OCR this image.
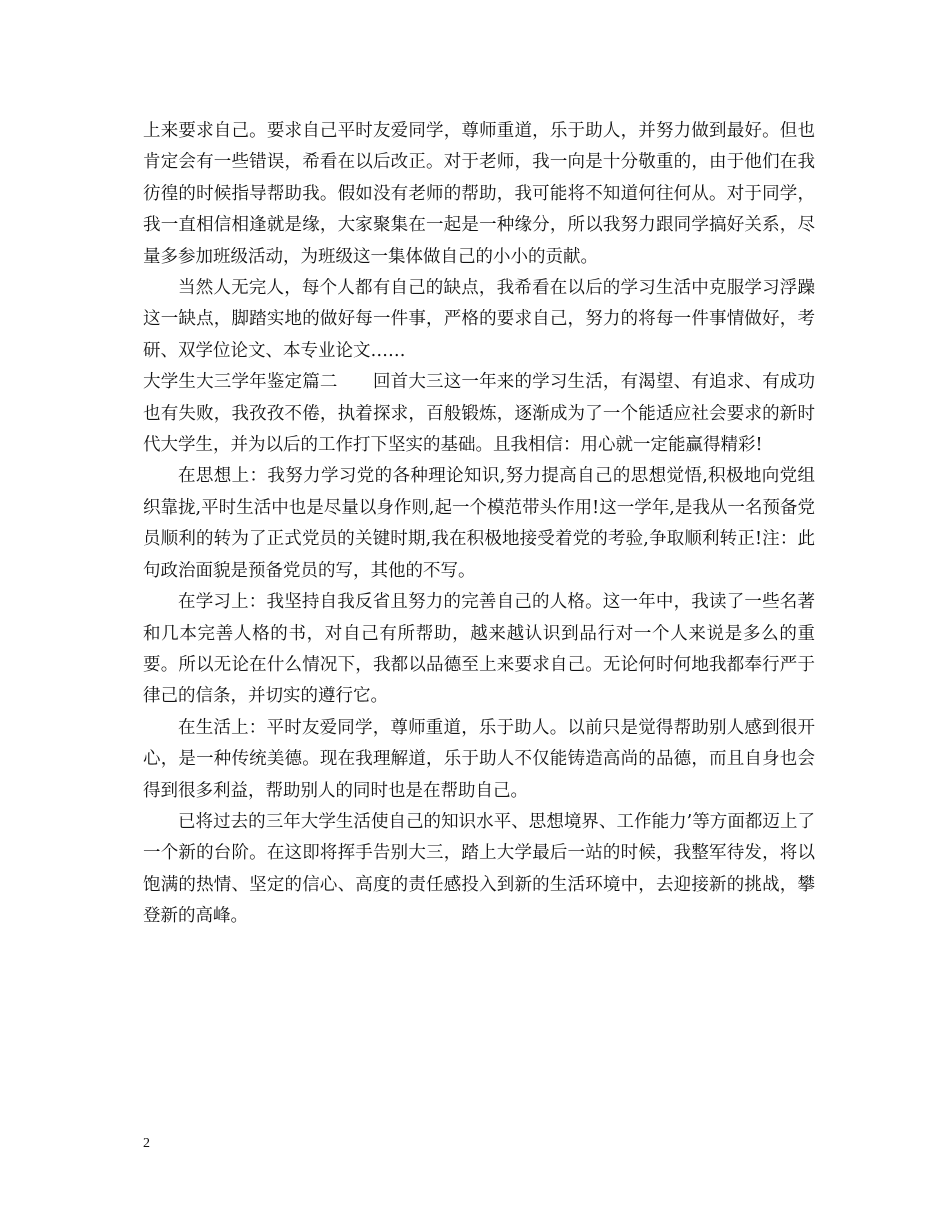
上来要求自己。要求自己平时友爱同学，尊师重道，乐于助人，并努力做到最好。但也肯定会有一些错误，希看在以后改正。对于老师，我一向是十分敬重的，由于他们在我彷徨的时候指导帮助我。假如没有老师的帮助，我可能将不知道何往何从。对于同学，我一直相信相逢就是缘，大家聚集在一起是一种缘分，所以我努力跟同学搞好关系，尽量多参加班级活动，为班级这一集体做自己的小小的贡献。

当然人无完人，每个人都有自己的缺点，我希看在以后的学习生活中克服学习浮躁这一缺点，脚踏实地的做好每一件事，严格的要求自己，努力的将每一件事情做好，考研、双学位论文、本专业论文……

大学生大三学年鉴定篇二　　回首大三这一年来的学习生活，有渴望、有追求、有成功也有失败，我孜孜不倦，执着探求，百般锻炼，逐渐成为了一个能适应社会要求的新时代大学生，并为以后的工作打下坚实的基础。且我相信：用心就一定能赢得精彩!

在思想上：我努力学习党的各种理论知识,努力提高自己的思想觉悟,积极地向党组织靠拢,平时生活中也是尽量以身作则,起一个模范带头作用!这一学年,是我从一名预备党员顺利的转为了正式党员的关键时期,我在积极地接受着党的考验,争取顺利转正!注：此句政治面貌是预备党员的写，其他的不写。

在学习上：我坚持自我反省且努力的完善自己的人格。这一年中，我读了一些名著和几本完善人格的书，对自己有所帮助，越来越认识到品行对一个人来说是多么的重要。所以无论在什么情况下，我都以品德至上来要求自己。无论何时何地我都奉行严于律己的信条，并切实的遵行它。

在生活上：平时友爱同学，尊师重道，乐于助人。以前只是觉得帮助别人感到很开心，是一种传统美德。现在我理解道，乐于助人不仅能铸造高尚的品德，而且自身也会得到很多利益，帮助别人的同时也是在帮助自己。

已将过去的三年大学生活使自己的知识水平、思想境界、工作能力’等方面都迈上了一个新的台阶。在这即将挥手告别大三，踏上大学最后一站的时候，我整军待发，将以饱满的热情、坚定的信心、高度的责任感投入到新的生活环境中，去迎接新的挑战，攀登新的高峰。

2
